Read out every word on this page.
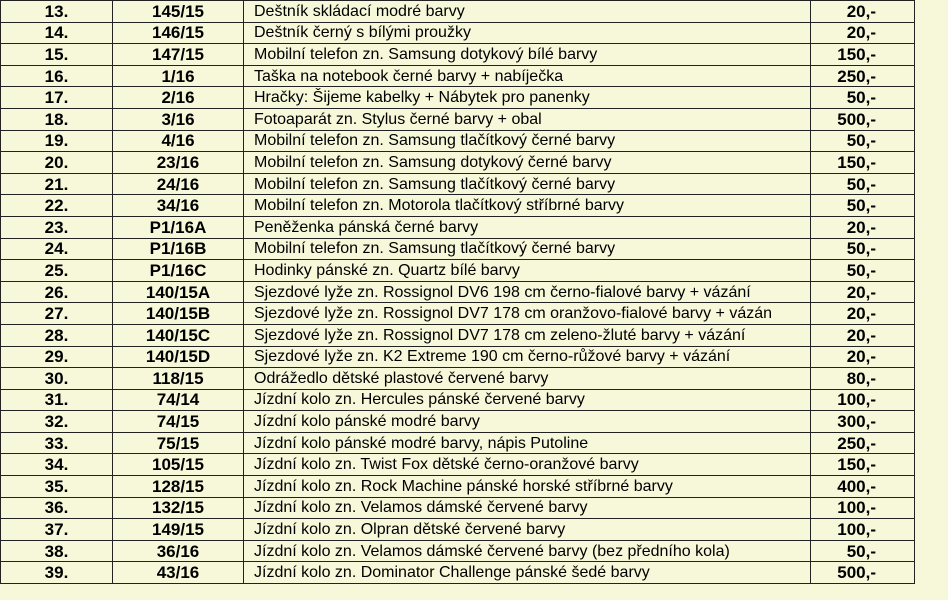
13.	145/15	Deštník skládací modré barvy	20,-	
14.	146/15	Deštník černý s bílými proužky	20,-	
15.	147/15	Mobilní telefon zn. Samsung dotykový bílé barvy	150,-	
16.	1/16	Taška na notebook černé barvy + nabíječka	250,-	
17.	2/16	Hračky: Šijeme kabelky + Nábytek pro panenky	50,-	
18.	3/16	Fotoaparát zn. Stylus černé barvy + obal	500,-	
19.	4/16	Mobilní telefon zn. Samsung tlačítkový černé barvy	50,-	
20.	23/16	Mobilní telefon zn. Samsung dotykový černé barvy	150,-	
21.	24/16	Mobilní telefon zn. Samsung tlačítkový černé barvy	50,-	
22.	34/16	Mobilní telefon zn. Motorola tlačítkový stříbrné barvy	50,-	
23.	P1/16A	Peněženka pánská černé barvy	20,-	
24.	P1/16B	Mobilní telefon zn. Samsung tlačítkový černé barvy	50,-	
25.	P1/16C	Hodinky pánské zn. Quartz bílé barvy	50,-	
26.	140/15A	Sjezdové lyže zn. Rossignol DV6 198 cm černo-fialové barvy + vázání	20,-	
27.	140/15B	Sjezdové lyže zn. Rossignol DV7 178 cm oranžovo-fialové barvy + vázán	20,-	
28.	140/15C	Sjezdové lyže zn. Rossignol DV7 178 cm zeleno-žluté barvy + vázání	20,-	
29.	140/15D	Sjezdové lyže zn. K2 Extreme 190 cm černo-růžové barvy + vázání	20,-	
30.	118/15	Odrážedlo dětské plastové červené barvy	80,-	
31.	74/14	Jízdní kolo zn. Hercules pánské červené barvy	100,-	
32.	74/15	Jízdní kolo pánské modré barvy	300,-	
33.	75/15	Jízdní kolo pánské modré barvy, nápis Putoline	250,-	
34.	105/15	Jízdní kolo zn. Twist Fox dětské černo-oranžové barvy	150,-	
35.	128/15	Jízdní kolo zn. Rock Machine pánské horské stříbrné barvy	400,-	
36.	132/15	Jízdní kolo zn. Velamos dámské červené barvy	100,-	
37.	149/15	Jízdní kolo zn. Olpran dětské červené barvy	100,-	
38.	36/16	Jízdní kolo zn. Velamos dámské červené barvy (bez předního kola)	50,-	
39.	43/16	Jízdní kolo zn. Dominator Challenge pánské šedé barvy	500,-	
